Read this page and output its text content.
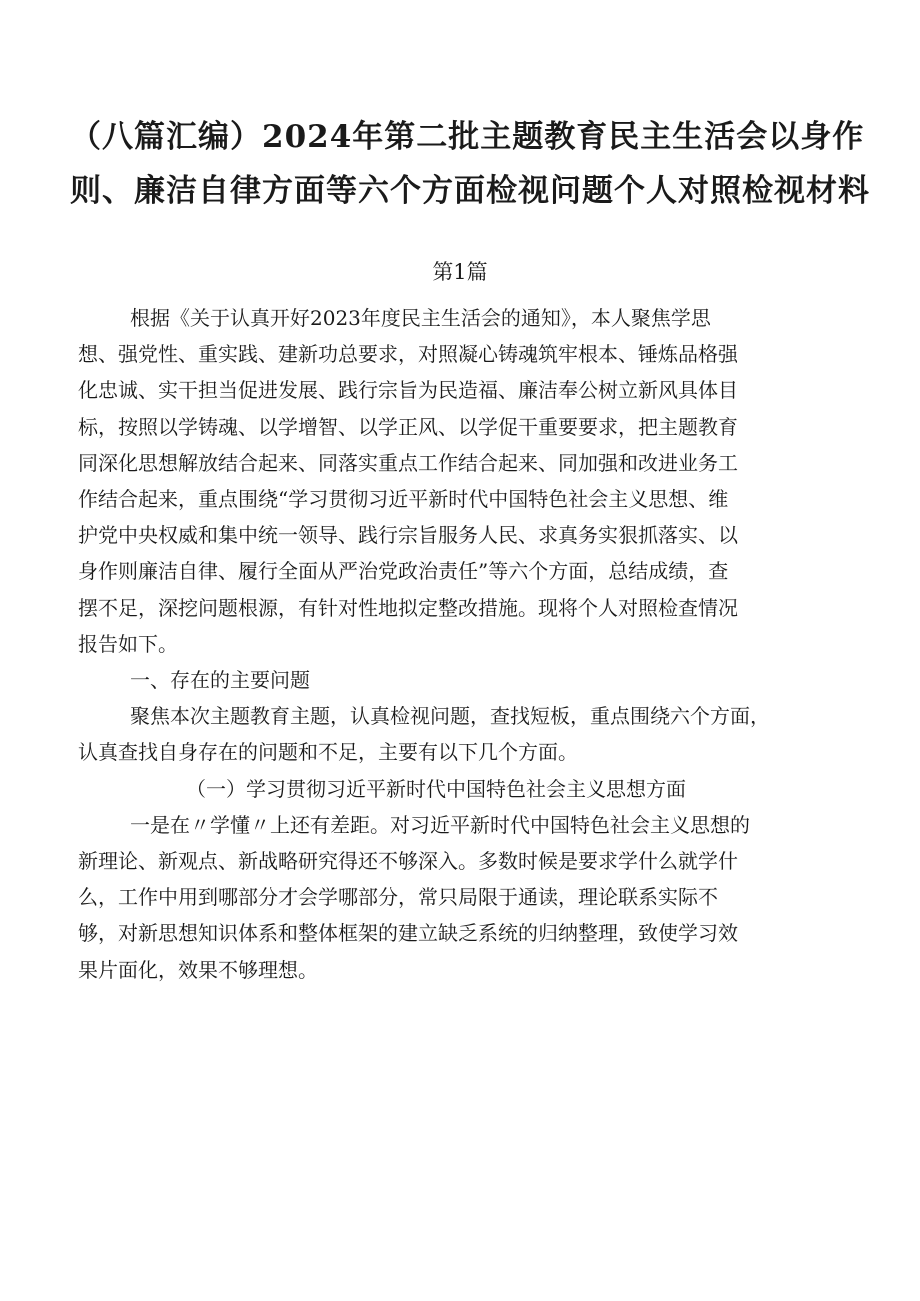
（八篇汇编）2024年第二批主题教育民主生活会以身作
则、廉洁自律方面等六个方面检视问题个人对照检视材料
第1篇

根据《关于认真开好2023年度民主生活会的通知》，本人聚焦学思
想、强党性、重实践、建新功总要求，对照凝心铸魂筑牢根本、锤炼品格强
化忠诚、实干担当促进发展、践行宗旨为民造福、廉洁奉公树立新风具体目
标，按照以学铸魂、以学增智、以学正风、以学促干重要要求，把主题教育
同深化思想解放结合起来、同落实重点工作结合起来、同加强和改进业务工
作结合起来，重点围绕“学习贯彻习近平新时代中国特色社会主义思想、维
护党中央权威和集中统一领导、践行宗旨服务人民、求真务实狠抓落实、以
身作则廉洁自律、履行全面从严治党政治责任”等六个方面，总结成绩，查
摆不足，深挖问题根源，有针对性地拟定整改措施。现将个人对照检查情况
报告如下。

一、存在的主要问题

聚焦本次主题教育主题，认真检视问题，查找短板，重点围绕六个方面，
认真查找自身存在的问题和不足，主要有以下几个方面。

（一）学习贯彻习近平新时代中国特色社会主义思想方面

一是在〃学懂〃上还有差距。对习近平新时代中国特色社会主义思想的
新理论、新观点、新战略研究得还不够深入。多数时候是要求学什么就学什
么，工作中用到哪部分才会学哪部分，常只局限于通读，理论联系实际不
够，对新思想知识体系和整体框架的建立缺乏系统的归纳整理，致使学习效
果片面化，效果不够理想。
